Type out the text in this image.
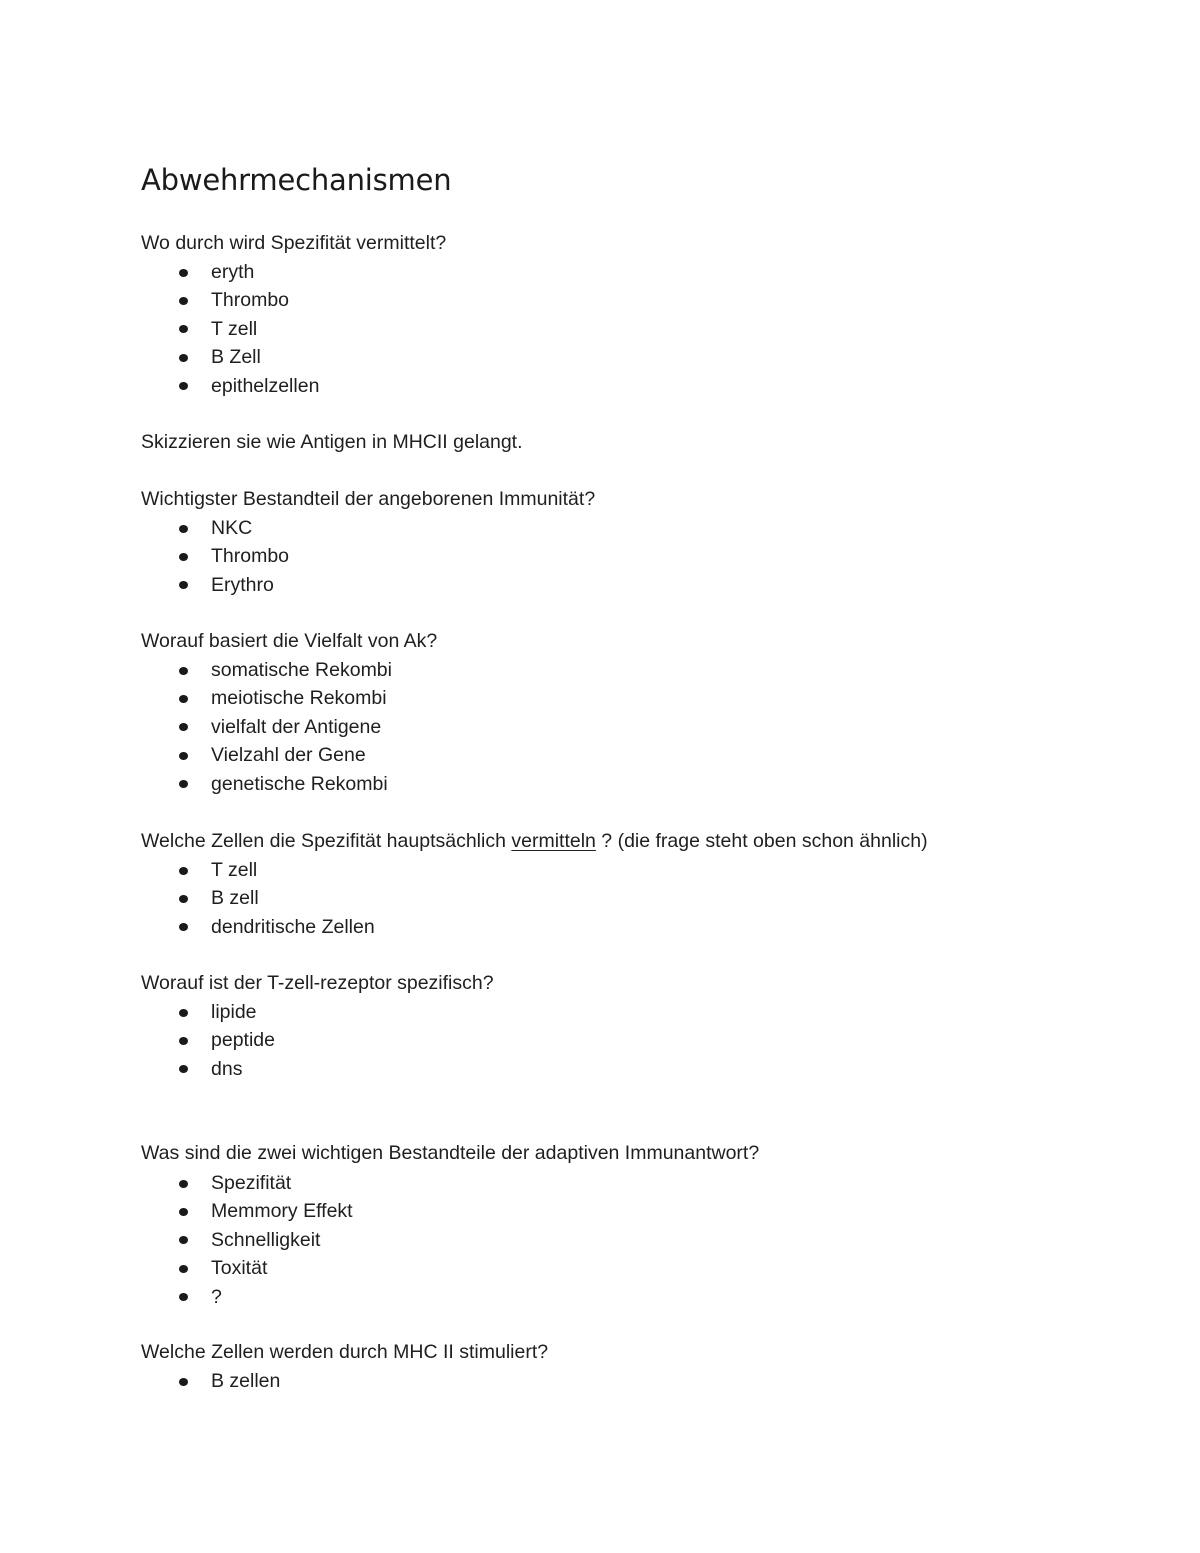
Abwehrmechanismen

Wo durch wird Spezifität vermittelt?

eryth
Thrombo
T zell
B Zell
epithelzellen

Skizzieren sie wie Antigen in MHCII gelangt.

Wichtigster Bestandteil der angeborenen Immunität?

NKC
Thrombo
Erythro

Worauf basiert die Vielfalt von Ak?

somatische Rekombi
meiotische Rekombi
vielfalt der Antigene
Vielzahl der Gene
genetische Rekombi

Welche Zellen die Spezifität hauptsächlich vermitteln ? (die frage steht oben schon ähnlich)

T zell
B zell
dendritische Zellen

Worauf ist der T-zell-rezeptor spezifisch?

lipide
peptide
dns

Was sind die zwei wichtigen Bestandteile der adaptiven Immunantwort?

Spezifität
Memmory Effekt
Schnelligkeit
Toxität
?

Welche Zellen werden durch MHC II stimuliert?

B zellen
